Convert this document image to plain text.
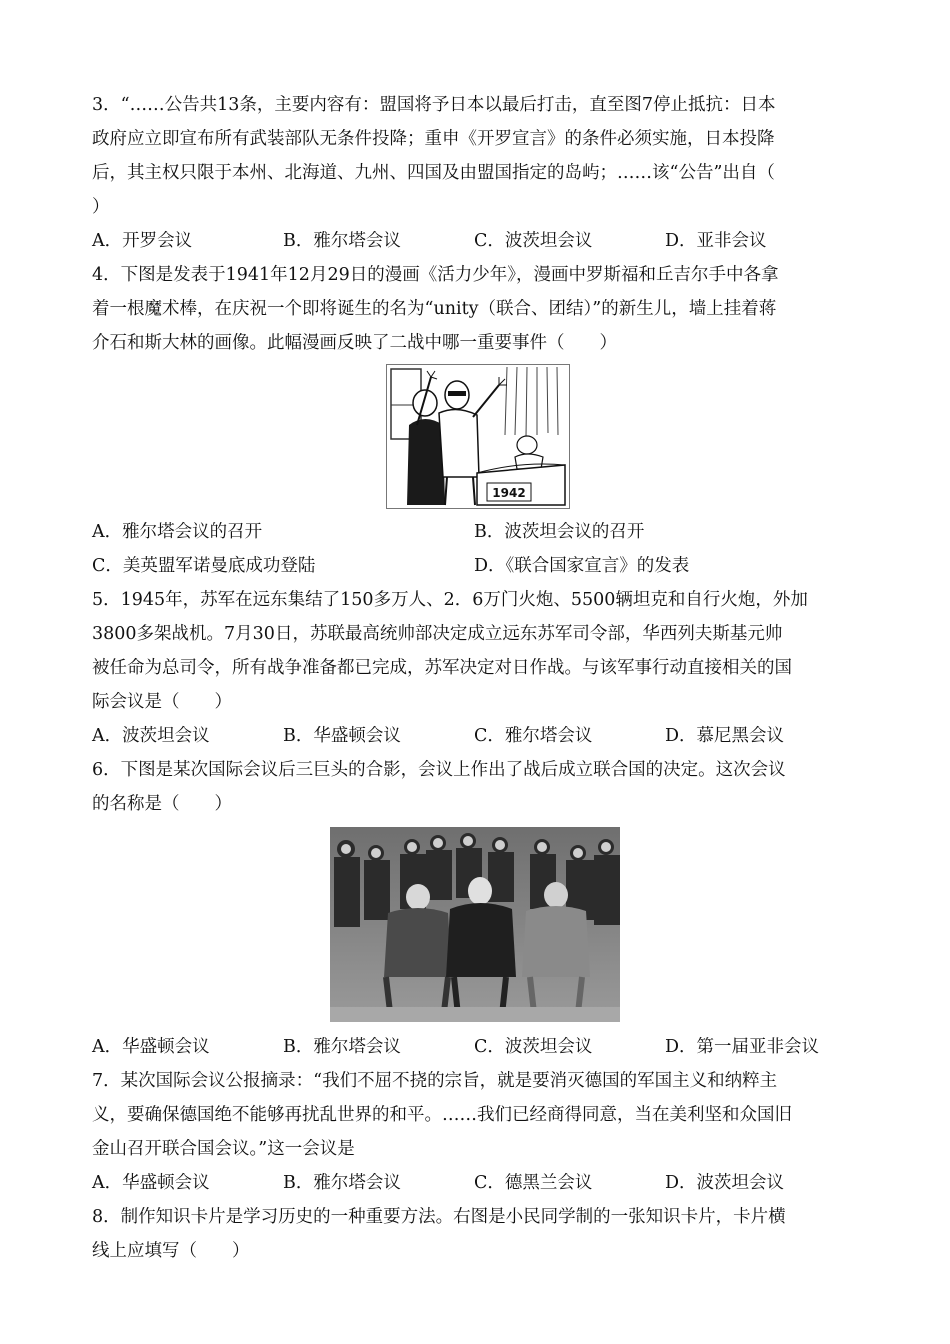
3．“……公告共13条，主要内容有：盟国将予日本以最后打击，直至图7停止抵抗：日本
政府应立即宣布所有武装部队无条件投降；重申《开罗宣言》的条件必须实施，日本投降
后，其主权只限于本州、北海道、九州、四国及由盟国指定的岛屿；……该“公告”出自（
）
A．开罗会议	B．雅尔塔会议	C．波茨坦会议	D．亚非会议
4．下图是发表于1941年12月29日的漫画《活力少年》，漫画中罗斯福和丘吉尔手中各拿
着一根魔术棒，在庆祝一个即将诞生的名为“unity（联合、团结）”的新生儿，墙上挂着蒋
介石和斯大林的画像。此幅漫画反映了二战中哪一重要事件（　　）
1942
A．雅尔塔会议的召开	B．波茨坦会议的召开
C．美英盟军诺曼底成功登陆	D．《联合国家宣言》的发表
5．1945年，苏军在远东集结了150多万人、2．6万门火炮、5500辆坦克和自行火炮，外加
3800多架战机。7月30日，苏联最高统帅部决定成立远东苏军司令部，华西列夫斯基元帅
被任命为总司令，所有战争准备都已完成，苏军决定对日作战。与该军事行动直接相关的国
际会议是（　　）
A．波茨坦会议	B．华盛顿会议	C．雅尔塔会议	D．慕尼黑会议
6．下图是某次国际会议后三巨头的合影，会议上作出了战后成立联合国的决定。这次会议
的名称是（　　）
A．华盛顿会议	B．雅尔塔会议	C．波茨坦会议	D．第一届亚非会议
7．某次国际会议公报摘录：“我们不屈不挠的宗旨，就是要消灭德国的军国主义和纳粹主
义，要确保德国绝不能够再扰乱世界的和平。……我们已经商得同意，当在美利坚和众国旧
金山召开联合国会议。”这一会议是
A．华盛顿会议	B．雅尔塔会议	C．德黑兰会议	D．波茨坦会议
8．制作知识卡片是学习历史的一种重要方法。右图是小民同学制的一张知识卡片，卡片横
线上应填写（　　）
